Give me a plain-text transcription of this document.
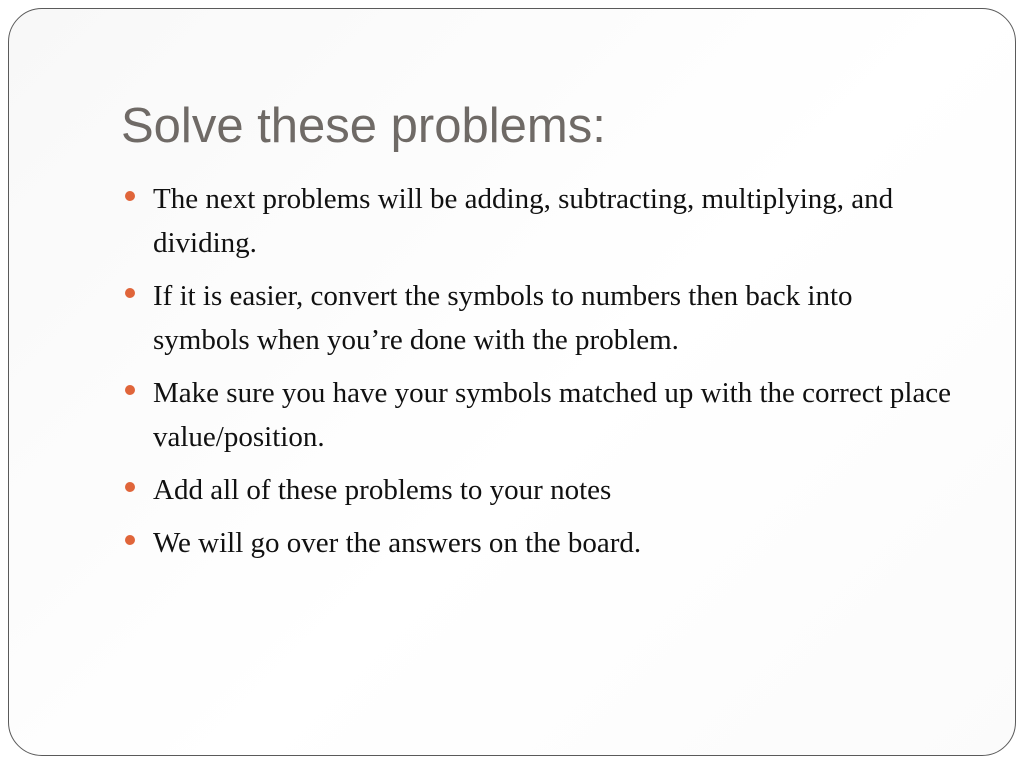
Solve these problems:
The next problems will be adding, subtracting, multiplying, and dividing.
If it is easier, convert the symbols to numbers then back into symbols when you’re done with the problem.
Make sure you have your symbols matched up with the correct place value/position.
Add all of these problems to your notes
We will go over the answers on the board.
